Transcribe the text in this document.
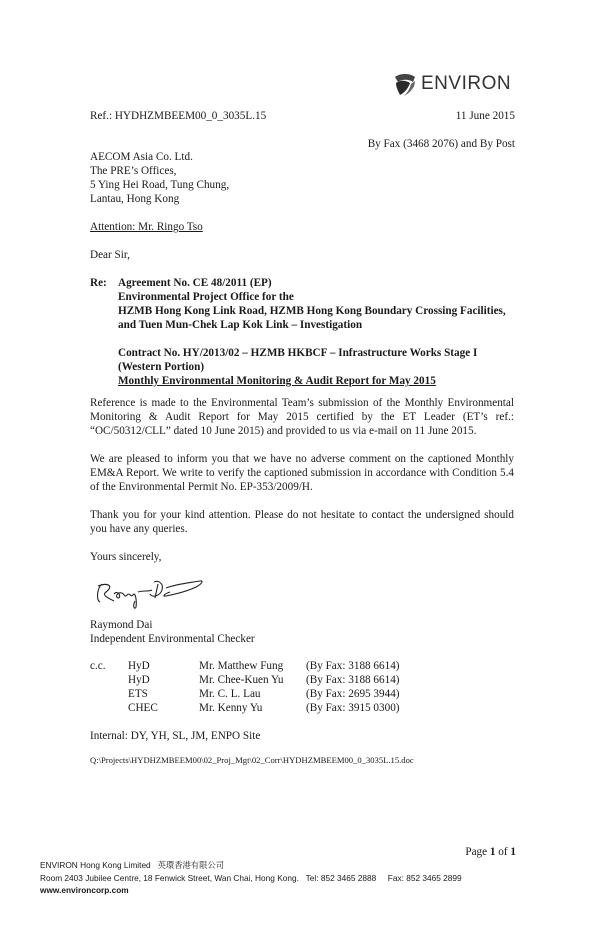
ENVIRON
Ref.: HYDHZMBEEM00_0_3035L.15	11 June 2015
By Fax (3468 2076) and By Post
AECOM Asia Co. Ltd.
The PRE’s Offices,
5 Ying Hei Road, Tung Chung,
Lantau, Hong Kong
Attention: Mr. Ringo Tso
Dear Sir,
Re: Agreement No. CE 48/2011 (EP)
Environmental Project Office for the
HZMB Hong Kong Link Road, HZMB Hong Kong Boundary Crossing Facilities,
and Tuen Mun-Chek Lap Kok Link – Investigation
Contract No. HY/2013/02 – HZMB HKBCF – Infrastructure Works Stage I
(Western Portion)
Monthly Environmental Monitoring & Audit Report for May 2015
Reference is made to the Environmental Team’s submission of the Monthly Environmental Monitoring & Audit Report for May 2015 certified by the ET Leader (ET’s ref.: “OC/50312/CLL” dated 10 June 2015) and provided to us via e-mail on 11 June 2015.
We are pleased to inform you that we have no adverse comment on the captioned Monthly EM&A Report. We write to verify the captioned submission in accordance with Condition 5.4 of the Environmental Permit No. EP-353/2009/H.
Thank you for your kind attention. Please do not hesitate to contact the undersigned should you have any queries.
Yours sincerely,
Raymond Dai
Independent Environmental Checker
c.c.	HyD	Mr. Matthew Fung	(By Fax: 3188 6614)
	HyD	Mr. Chee-Kuen Yu	(By Fax: 3188 6614)
	ETS	Mr. C. L. Lau	(By Fax: 2695 3944)
	CHEC	Mr. Kenny Yu	(By Fax: 3915 0300)
Internal: DY, YH, SL, JM, ENPO Site
Q:\Projects\HYDHZMBEEM00\02_Proj_Mgt\02_Corr\HYDHZMBEEM00_0_3035L.15.doc
Page 1 of 1
ENVIRON Hong Kong Limited 英環香港有限公司
Room 2403 Jubilee Centre, 18 Fenwick Street, Wan Chai, Hong Kong. Tel: 852 3465 2888 Fax: 852 3465 2899
www.environcorp.com
